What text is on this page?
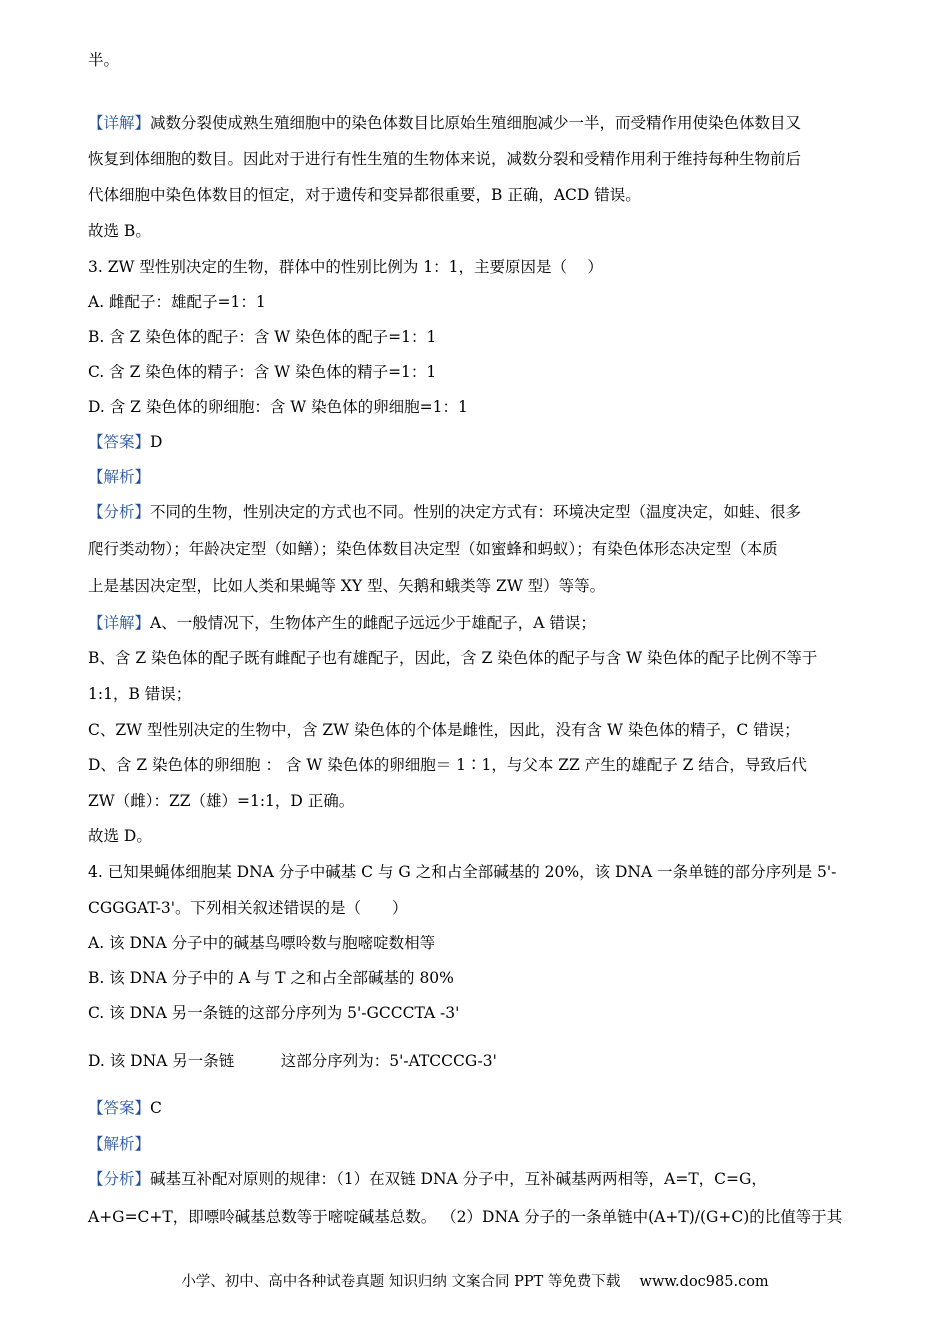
半。
【详解】减数分裂使成熟生殖细胞中的染色体数目比原始生殖细胞减少一半，而受精作用使染色体数目又
恢复到体细胞的数目。因此对于进行有性生殖的生物体来说，减数分裂和受精作用利于维持每种生物前后
代体细胞中染色体数目的恒定，对于遗传和变异都很重要，B 正确，ACD 错误。
故选 B。
3. ZW 型性别决定的生物，群体中的性别比例为 1：1，主要原因是（　 ）
A. 雌配子：雄配子=1：1
B. 含 Z 染色体的配子：含 W 染色体的配子=1：1
C. 含 Z 染色体的精子：含 W 染色体的精子=1：1
D. 含 Z 染色体的卵细胞：含 W 染色体的卵细胞=1：1
【答案】D
【解析】
【分析】不同的生物，性别决定的方式也不同。性别的决定方式有：环境决定型（温度决定，如蛙、很多
爬行类动物）；年龄决定型（如鳝）；染色体数目决定型（如蜜蜂和蚂蚁）；有染色体形态决定型（本质
上是基因决定型，比如人类和果蝇等 XY 型、矢鹅和蛾类等 ZW 型）等等。
【详解】A、一般情况下，生物体产生的雌配子远远少于雄配子，A 错误；
B、含 Z 染色体的配子既有雌配子也有雄配子，因此，含 Z 染色体的配子与含 W 染色体的配子比例不等于
1:1，B 错误；
C、ZW 型性别决定的生物中，含 ZW 染色体的个体是雌性，因此，没有含 W 染色体的精子，C 错误；
D、含 Z 染色体的卵细胞 ： 含 W 染色体的卵细胞＝ 1∶1，与父本 ZZ 产生的雄配子 Z 结合，导致后代
ZW（雌）：ZZ（雄）=1:1，D 正确。
故选 D。
4. 已知果蝇体细胞某 DNA 分子中碱基 C 与 G 之和占全部碱基的 20%，该 DNA 一条单链的部分序列是 5'-
CGGGAT-3'。下列相关叙述错误的是（　　）
A. 该 DNA 分子中的碱基鸟嘌呤数与胞嘧啶数相等
B. 该 DNA 分子中的 A 与 T 之和占全部碱基的 80%
C. 该 DNA 另一条链的这部分序列为 5'-GCCCTA -3'
D. 该 DNA 另一条链　　　这部分序列为：5'-ATCCCG-3'
【答案】C
【解析】
【分析】碱基互补配对原则的规律：（1）在双链 DNA 分子中，互补碱基两两相等，A=T，C=G，
A+G=C+T，即嘌呤碱基总数等于嘧啶碱基总数。 （2）DNA 分子的一条单链中(A+T)/(G+C)的比值等于其
小学、初中、高中各种试卷真题 知识归纳 文案合同 PPT 等免费下载　 www.doc985.com
